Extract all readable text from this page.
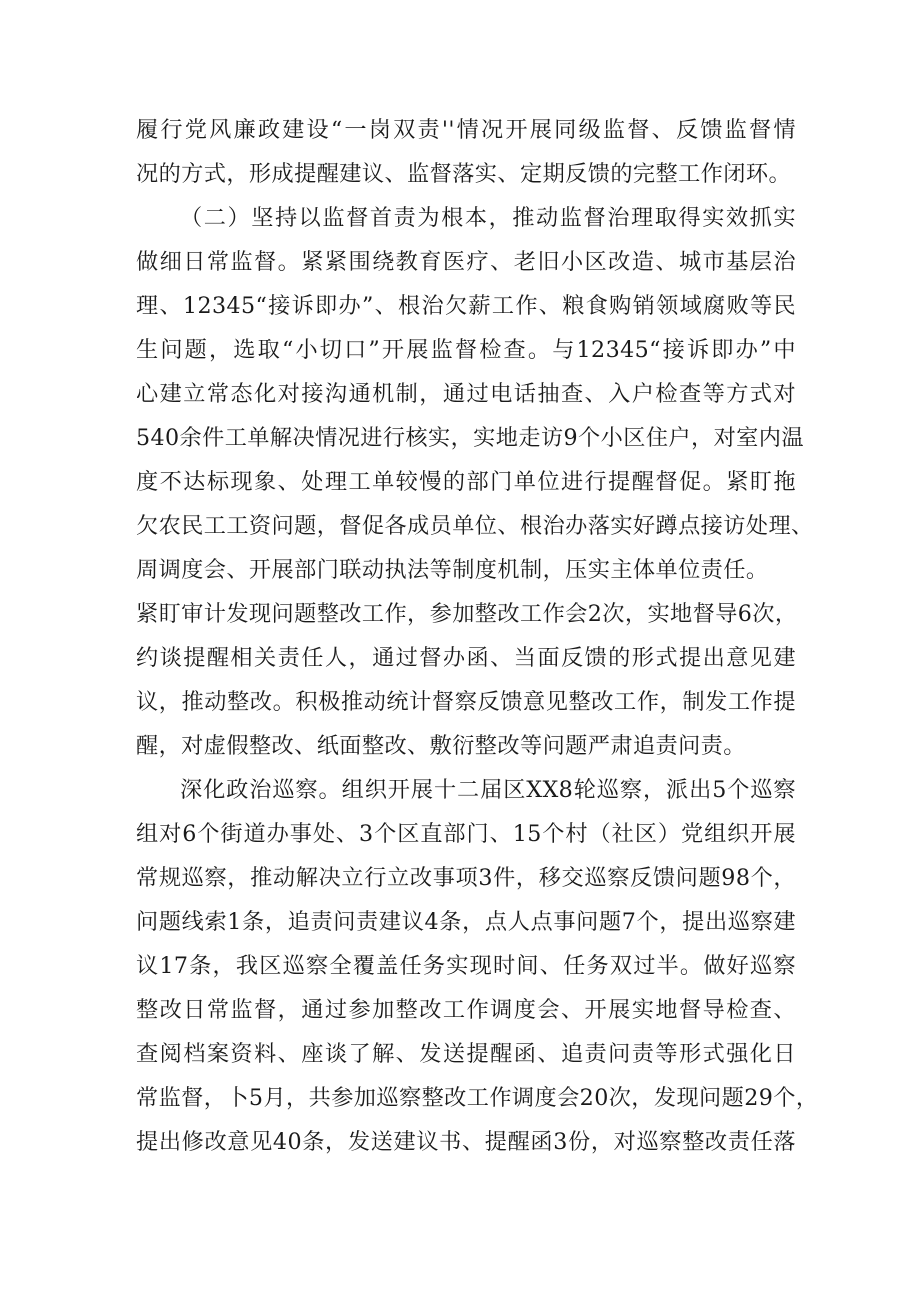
履行党风廉政建设“一岗双责''情况开展同级监督、反馈监督情
况的方式，形成提醒建议、监督落实、定期反馈的完整工作闭环。
（二）坚持以监督首责为根本，推动监督治理取得实效抓实
做细日常监督。紧紧围绕教育医疗、老旧小区改造、城市基层治
理、12345“接诉即办”、根治欠薪工作、粮食购销领域腐败等民
生问题，选取“小切口”开展监督检查。与12345“接诉即办”中
心建立常态化对接沟通机制，通过电话抽查、入户检查等方式对
540余件工单解决情况进行核实，实地走访9个小区住户，对室内温
度不达标现象、处理工单较慢的部门单位进行提醒督促。紧盯拖
欠农民工工资问题，督促各成员单位、根治办落实好蹲点接访处理、
周调度会、开展部门联动执法等制度机制，压实主体单位责任。
紧盯审计发现问题整改工作，参加整改工作会2次，实地督导6次，
约谈提醒相关责任人，通过督办函、当面反馈的形式提出意见建
议，推动整改。积极推动统计督察反馈意见整改工作，制发工作提
醒，对虚假整改、纸面整改、敷衍整改等问题严肃追责问责。
深化政治巡察。组织开展十二届区XX8轮巡察，派出5个巡察
组对6个街道办事处、3个区直部门、15个村（社区）党组织开展
常规巡察，推动解决立行立改事项3件，移交巡察反馈问题98个，
问题线索1条，追责问责建议4条，点人点事问题7个，提出巡察建
议17条，我区巡察全覆盖任务实现时间、任务双过半。做好巡察
整改日常监督，通过参加整改工作调度会、开展实地督导检查、
查阅档案资料、座谈了解、发送提醒函、追责问责等形式强化日
常监督，卜5月，共参加巡察整改工作调度会20次，发现问题29个，
提出修改意见40条，发送建议书、提醒函3份，对巡察整改责任落
